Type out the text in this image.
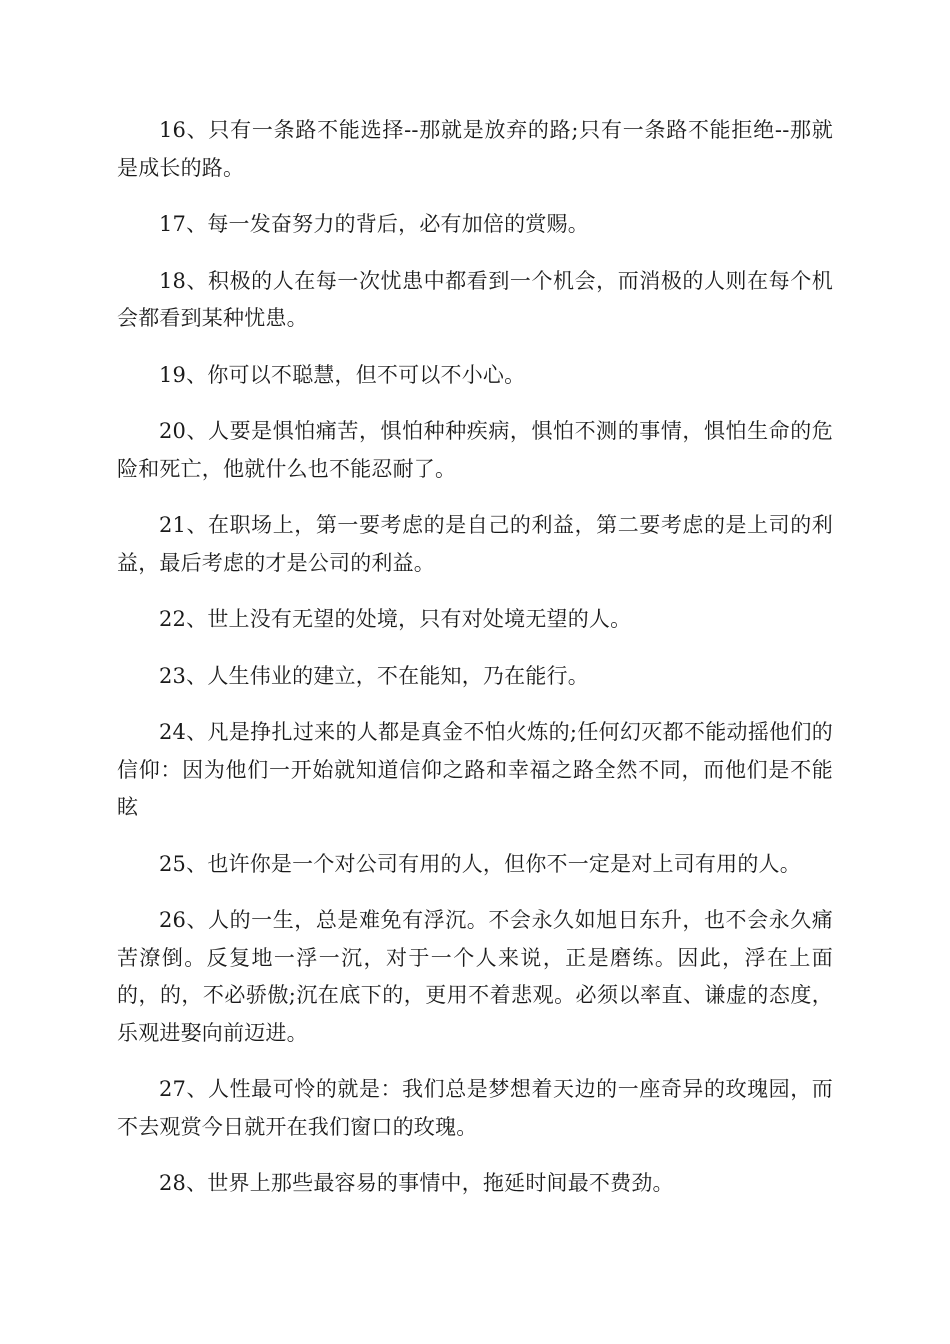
16、只有一条路不能选择--那就是放弃的路;只有一条路不能拒绝--那就是成长的路。

17、每一发奋努力的背后，必有加倍的赏赐。

18、积极的人在每一次忧患中都看到一个机会，而消极的人则在每个机会都看到某种忧患。

19、你可以不聪慧，但不可以不小心。

20、人要是惧怕痛苦，惧怕种种疾病，惧怕不测的事情，惧怕生命的危险和死亡，他就什么也不能忍耐了。

21、在职场上，第一要考虑的是自己的利益，第二要考虑的是上司的利益，最后考虑的才是公司的利益。

22、世上没有无望的处境，只有对处境无望的人。

23、人生伟业的建立，不在能知，乃在能行。

24、凡是挣扎过来的人都是真金不怕火炼的;任何幻灭都不能动摇他们的信仰：因为他们一开始就知道信仰之路和幸福之路全然不同，而他们是不能眩

25、也许你是一个对公司有用的人，但你不一定是对上司有用的人。

26、人的一生，总是难免有浮沉。不会永久如旭日东升，也不会永久痛苦潦倒。反复地一浮一沉，对于一个人来说，正是磨练。因此，浮在上面的，的，不必骄傲;沉在底下的，更用不着悲观。必须以率直、谦虚的态度，乐观进娶向前迈进。

27、人性最可怜的就是：我们总是梦想着天边的一座奇异的玫瑰园，而不去观赏今日就开在我们窗口的玫瑰。

28、世界上那些最容易的事情中，拖延时间最不费劲。
